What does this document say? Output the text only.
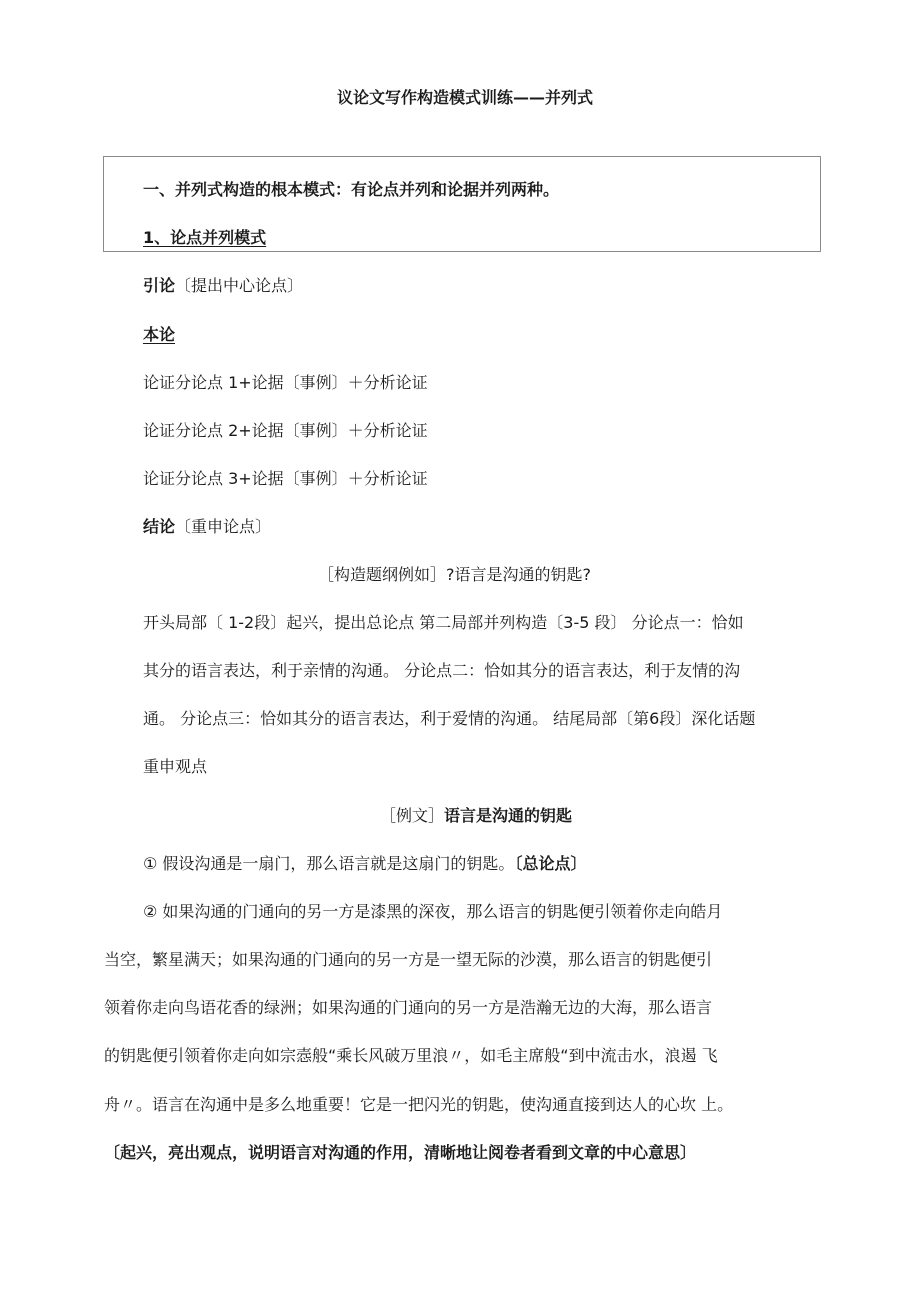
议论文写作构造模式训练——并列式
一、并列式构造的根本模式：有论点并列和论据并列两种。
1、论点并列模式
引论〔提出中心论点〕
本论
论证分论点 1+论据〔事例〕＋分析论证
论证分论点 2+论据〔事例〕＋分析论证
论证分论点 3+论据〔事例〕＋分析论证
结论〔重申论点〕
［构造题纲例如］?语言是沟通的钥匙?
开头局部〔 1-2段〕起兴，提出总论点 第二局部并列构造〔3-5 段〕 分论点一：恰如
其分的语言表达，利于亲情的沟通。 分论点二：恰如其分的语言表达，利于友情的沟
通。 分论点三：恰如其分的语言表达，利于爱情的沟通。 结尾局部〔第6段〕深化话题
重申观点
［例文］语言是沟通的钥匙
① 假设沟通是一扇门，那么语言就是这扇门的钥匙。〔总论点〕
② 如果沟通的门通向的另一方是漆黑的深夜，那么语言的钥匙便引领着你走向皓月
当空，繁星满天；如果沟通的门通向的另一方是一望无际的沙漠，那么语言的钥匙便引
领着你走向鸟语花香的绿洲；如果沟通的门通向的另一方是浩瀚无边的大海，那么语言
的钥匙便引领着你走向如宗悫般“乘长风破万里浪〃，如毛主席般“到中流击水，浪遏 飞
舟〃。语言在沟通中是多么地重要！它是一把闪光的钥匙，使沟通直接到达人的心坎 上。
〔起兴，亮出观点，说明语言对沟通的作用，清晰地让阅卷者看到文章的中心意思〕
